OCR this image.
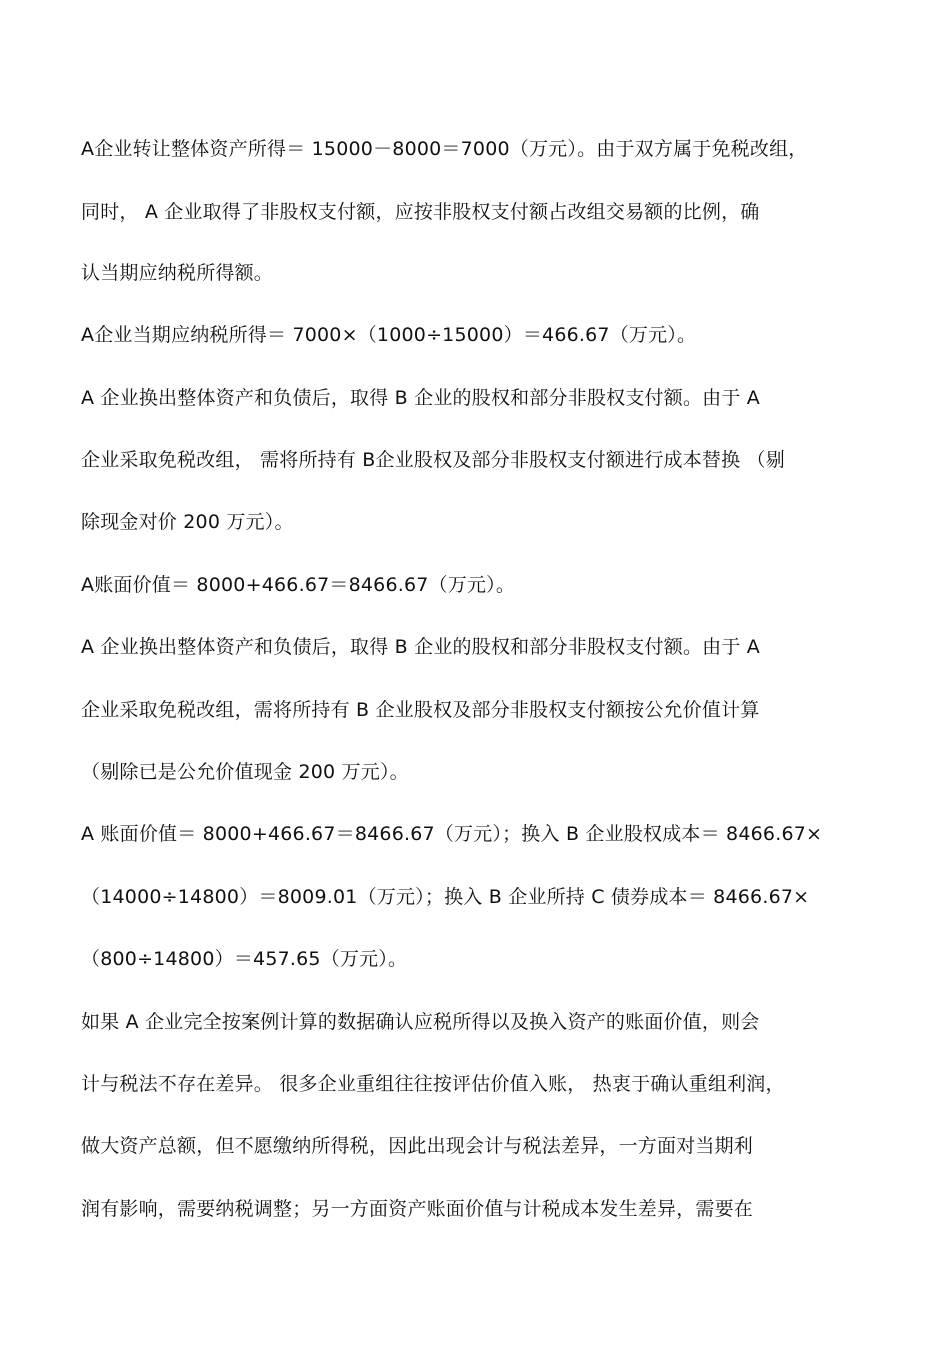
A企业转让整体资产所得＝ 15000－8000＝7000（万元）。由于双方属于免税改组，
同时， A 企业取得了非股权支付额，应按非股权支付额占改组交易额的比例，确
认当期应纳税所得额。
A企业当期应纳税所得＝ 7000×（1000÷15000）＝466.67（万元）。
A 企业换出整体资产和负债后，取得 B 企业的股权和部分非股权支付额。由于 A
企业采取免税改组， 需将所持有 B企业股权及部分非股权支付额进行成本替换 （剔
除现金对价 200 万元）。
A账面价值＝ 8000+466.67＝8466.67（万元）。
A 企业换出整体资产和负债后，取得 B 企业的股权和部分非股权支付额。由于 A
企业采取免税改组，需将所持有 B 企业股权及部分非股权支付额按公允价值计算
（剔除已是公允价值现金 200 万元）。
A 账面价值＝ 8000+466.67＝8466.67（万元）；换入 B 企业股权成本＝ 8466.67×
（14000÷14800）＝8009.01（万元）；换入 B 企业所持 C 债券成本＝ 8466.67×
（800÷14800）＝457.65（万元）。
如果 A 企业完全按案例计算的数据确认应税所得以及换入资产的账面价值，则会
计与税法不存在差异。 很多企业重组往往按评估价值入账， 热衷于确认重组利润，
做大资产总额，但不愿缴纳所得税，因此出现会计与税法差异，一方面对当期利
润有影响，需要纳税调整；另一方面资产账面价值与计税成本发生差异，需要在
